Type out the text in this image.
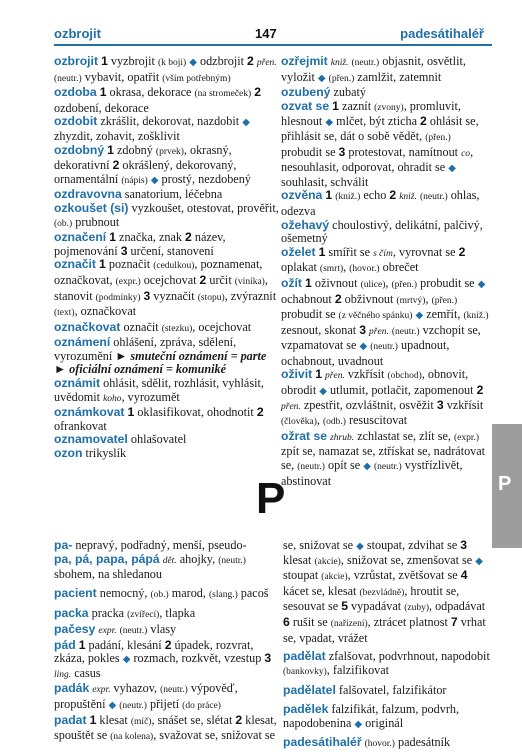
ozbrojit	147	padesátihaléř

ozbrojit 1 vyzbrojit (k boji) ◆ odzbrojit 2 přen. (neutr.) vybavit, opatřit (vším potřebným)

ozdoba 1 okrasa, dekorace (na stromeček) 2 ozdobení, dekorace

ozdobit zkrášlit, dekorovat, nazdobit ◆ zhyzdit, zohavit, zošklivit

ozdobný 1 zdobný (prvek), okrasný, dekorativní 2 okrášlený, dekorovaný, ornamentální (nápis) ◆ prostý, nezdobený

ozdravovna sanatorium, léčebna

ozkoušet (si) vyzkoušet, otestovat, prověřit, (ob.) prubnout

označení 1 značka, znak 2 název, pojmenování 3 určení, stanovení

označit 1 poznačit (cedulkou), poznamenat, označkovat, (expr.) ocejchovat 2 určit (viníka), stanovit (podmínky) 3 vyznačit (stopu), zvýraznit (text), označkovat

označkovat označit (stezku), ocejchovat

oznámení ohlášení, zpráva, sdělení, vyrozumění ► smuteční oznámení = parte ► oficiální oznámení = komuniké

oznámit ohlásit, sdělit, rozhlásit, vyhlásit, uvědomit koho, vyrozumět

oznámkovat 1 oklasifikovat, ohodnotit 2 ofrankovat

oznamovatel ohlašovatel

ozon trikyslík

ozřejmit kniž. (neutr.) objasnit, osvětlit, vyložit ◆ (přen.) zamlžit, zatemnit

ozubený zubatý

ozvat se 1 zaznít (zvony), promluvit, hlesnout ◆ mlčet, být zticha 2 ohlásit se, přihlásit se, dát o sobě vědět, (přen.) probudit se 3 protestovat, namítnout co, nesouhlasit, odporovat, ohradit se ◆ souhlasit, schválit

ozvěna 1 (kniž.) echo 2 kniž. (neutr.) ohlas, odezva

ožehavý choulostivý, delikátní, palčivý, ošemetný

oželet 1 smířit se s čím, vyrovnat se 2 oplakat (smrt), (hovor.) obrečet

ožít 1 oživnout (ulice), (přen.) probudit se ◆ ochabnout 2 obživnout (mrtvý), (přen.) probudit se (z věčného spánku) ◆ zemřít, (kniž.) zesnout, skonat 3 přen. (neutr.) vzchopit se, vzpamatovat se ◆ (neutr.) upadnout, ochabnout, uvadnout

oživit 1 přen. vzkřísit (obchod), obnovit, obrodit ◆ utlumit, potlačit, zapomenout 2 přen. zpestřit, ozvláštnit, osvěžit 3 vzkřísit (člověka), (odb.) resuscitovat

ožrat se zhrub. zchlastat se, zlít se, (expr.) zpít se, namazat se, ztřískat se, nadrátovat se, (neutr.) opít se ◆ (neutr.) vystřízlivět, abstinovat	P
P

pa- nepravý, podřadný, menší, pseudo-

pa, pá, papa, pápá dět. ahojky, (neutr.) sbohem, na shledanou

pacient nemocný, (ob.) marod, (slang.) pacoš

packa pracka (zvířecí), tlapka

pačesy expr. (neutr.) vlasy

pád 1 padání, klesání 2 úpadek, rozvrat, zkáza, pokles ◆ rozmach, rozkvět, vzestup 3 ling. casus

padák expr. vyhazov, (neutr.) výpověď, propuštění ◆ (neutr.) přijetí (do práce)

padat 1 klesat (míč), snášet se, slétat 2 klesat, spouštět se (na kolena), svažovat se, snižovat se

se, snižovat se ◆ stoupat, zdvihat se 3 klesat (akcie), snižovat se, zmenšovat se ◆ stoupat (akcie), vzrůstat, zvětšovat se 4 kácet se, klesat (bezvládně), hroutit se, sesouvat se 5 vypadávat (zuby), odpadávat 6 rušit se (nařízení), ztrácet platnost 7 vrhat se, vpadat, vrážet

padělat zfalšovat, podvrhnout, napodobit (bankovky), falzifikovat

padělatel falšovatel, falzifikátor

padělek falzifikát, falzum, podvrh, napodobenina ◆ originál

padesátihaléř (hovor.) padesátník
